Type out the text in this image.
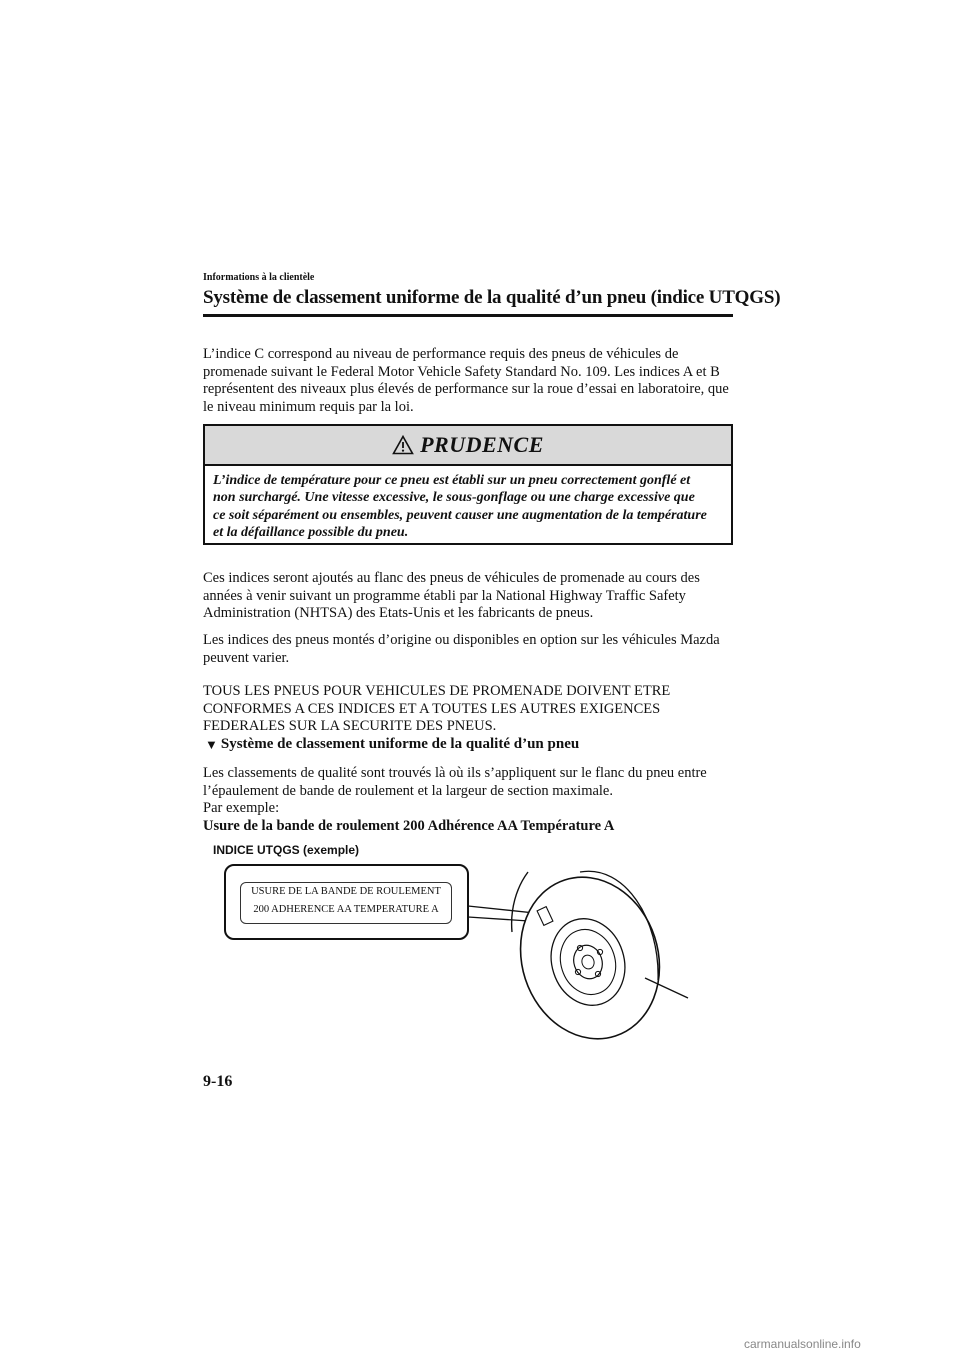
Informations à la clientèle
Système de classement uniforme de la qualité d’un pneu (indice UTQGS)

L’indice C correspond au niveau de performance requis des pneus de véhicules de
promenade suivant le Federal Motor Vehicle Safety Standard No. 109. Les indices A et B
représentent des niveaux plus élevés de performance sur la roue d’essai en laboratoire, que
le niveau minimum requis par la loi.

PRUDENCE
L’indice de température pour ce pneu est établi sur un pneu correctement gonflé et
non surchargé. Une vitesse excessive, le sous-gonflage ou une charge excessive que
ce soit séparément ou ensembles, peuvent causer une augmentation de la température
et la défaillance possible du pneu.

Ces indices seront ajoutés au flanc des pneus de véhicules de promenade au cours des
années à venir suivant un programme établi par la National Highway Traffic Safety
Administration (NHTSA) des Etats-Unis et les fabricants de pneus.

Les indices des pneus montés d’origine ou disponibles en option sur les véhicules Mazda
peuvent varier.

TOUS LES PNEUS POUR VEHICULES DE PROMENADE DOIVENT ETRE
CONFORMES A CES INDICES ET A TOUTES LES AUTRES EXIGENCES
FEDERALES SUR LA SECURITE DES PNEUS.

▼ Système de classement uniforme de la qualité d’un pneu

Les classements de qualité sont trouvés là où ils s’appliquent sur le flanc du pneu entre
l’épaulement de bande de roulement et la largeur de section maximale.
Par exemple:
Usure de la bande de roulement 200 Adhérence AA Température A

INDICE UTQGS (exemple)
USURE DE LA BANDE DE ROULEMENT
200 ADHERENCE AA TEMPERATURE A
9-16
carmanualsonline.info
